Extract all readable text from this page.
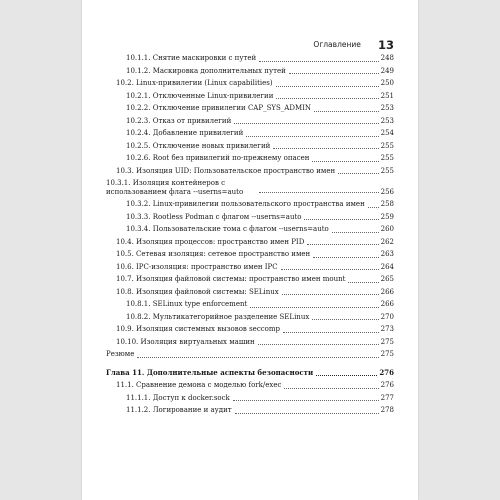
Оглавление 13
10.1.1. Снятие маскировки с путей	248
10.1.2. Маскировка дополнительных путей	249
10.2. Linux-привилегии (Linux capabilities)	250
10.2.1. Отключенные Linux-привилегии	251
10.2.2. Отключение привилегии CAP_SYS_ADMIN	253
10.2.3. Отказ от привилегий	253
10.2.4. Добавление привилегий	254
10.2.5. Отключение новых привилегий	255
10.2.6. Root без привилегий по-прежнему опасен	255
10.3. Изоляция UID: Пользовательское пространство имен	255
10.3.1. Изоляция контейнеров с использованием флага --userns=auto	256
10.3.2. Linux-привилегии пользовательского пространства имен 258
10.3.3. Rootless Podman с флагом --userns=auto	259
10.3.4. Пользовательские тома с флагом --userns=auto	260
10.4. Изоляция процессов: пространство имен PID	262
10.5. Сетевая изоляция: сетевое пространство имен	263
10.6. IPC-изоляция: пространство имен IPC	264
10.7. Изоляция файловой системы: пространство имен mount	265
10.8. Изоляция файловой системы: SELinux	266
10.8.1. SELinux type enforcement	266
10.8.2. Мультикатегорийное разделение SELinux	270
10.9. Изоляция системных вызовов seccomp	273
10.10. Изоляция виртуальных машин	275
Резюме	275
Глава 11. Дополнительные аспекты безопасности	276
11.1. Сравнение демона с моделью fork/exec	276
11.1.1. Доступ к docker.sock	277
11.1.2. Логирование и аудит	278
